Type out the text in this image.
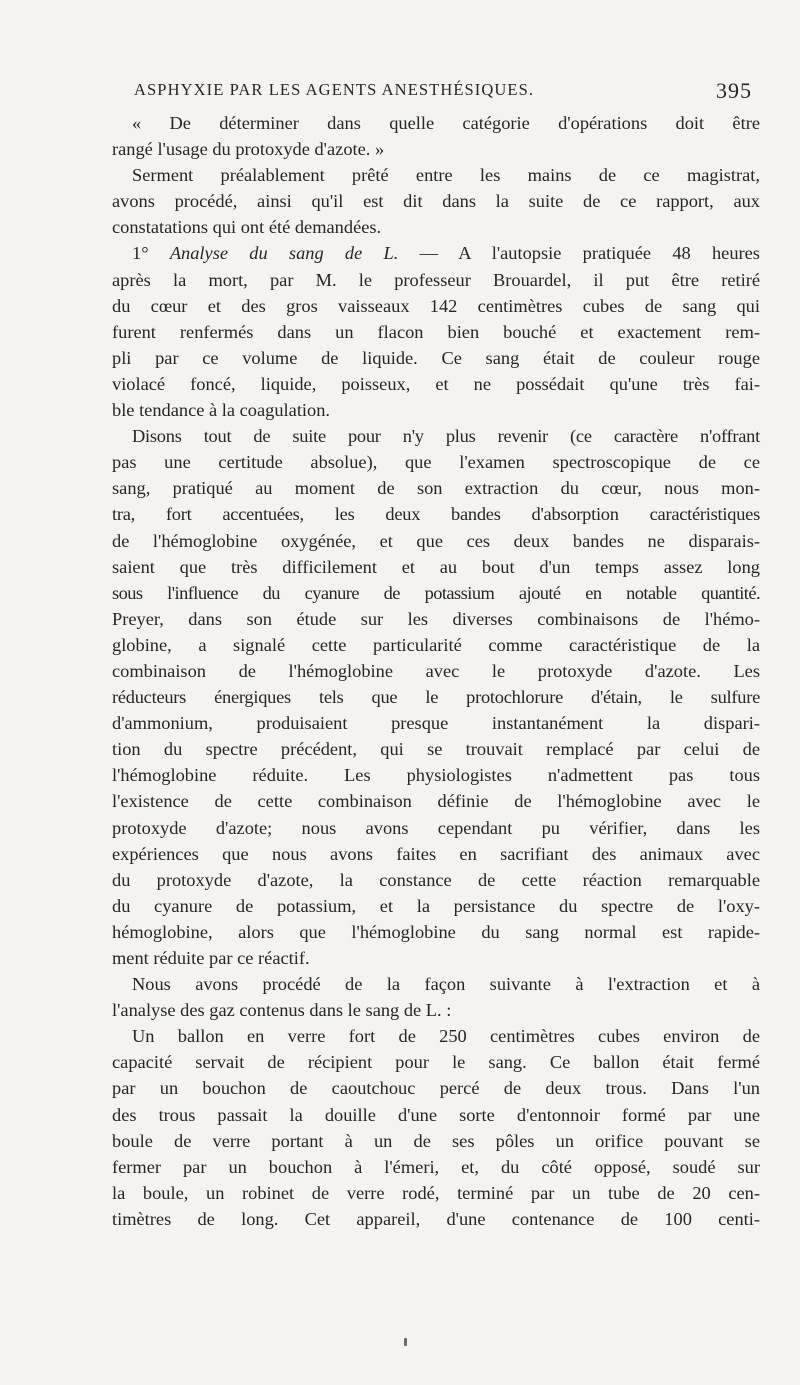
ASPHYXIE PAR LES AGENTS ANESTHÉSIQUES.	395
« De déterminer dans quelle catégorie d'opérations doit être
rangé l'usage du protoxyde d'azote. »
Serment préalablement prêté entre les mains de ce magistrat,
avons procédé, ainsi qu'il est dit dans la suite de ce rapport, aux
constatations qui ont été demandées.
1° Analyse du sang de L. — A l'autopsie pratiquée 48 heures
après la mort, par M. le professeur Brouardel, il put être retiré
du cœur et des gros vaisseaux 142 centimètres cubes de sang qui
furent renfermés dans un flacon bien bouché et exactement rem-
pli par ce volume de liquide. Ce sang était de couleur rouge
violacé foncé, liquide, poisseux, et ne possédait qu'une très fai-
ble tendance à la coagulation.
Disons tout de suite pour n'y plus revenir (ce caractère n'offrant
pas une certitude absolue), que l'examen spectroscopique de ce
sang, pratiqué au moment de son extraction du cœur, nous mon-
tra, fort accentuées, les deux bandes d'absorption caractéristiques
de l'hémoglobine oxygénée, et que ces deux bandes ne disparais-
saient que très difficilement et au bout d'un temps assez long
sous l'influence du cyanure de potassium ajouté en notable quantité.
Preyer, dans son étude sur les diverses combinaisons de l'hémo-
globine, a signalé cette particularité comme caractéristique de la
combinaison de l'hémoglobine avec le protoxyde d'azote. Les
réducteurs énergiques tels que le protochlorure d'étain, le sulfure
d'ammonium, produisaient presque instantanément la dispari-
tion du spectre précédent, qui se trouvait remplacé par celui de
l'hémoglobine réduite. Les physiologistes n'admettent pas tous
l'existence de cette combinaison définie de l'hémoglobine avec le
protoxyde d'azote; nous avons cependant pu vérifier, dans les
expériences que nous avons faites en sacrifiant des animaux avec
du protoxyde d'azote, la constance de cette réaction remarquable
du cyanure de potassium, et la persistance du spectre de l'oxy-
hémoglobine, alors que l'hémoglobine du sang normal est rapide-
ment réduite par ce réactif.
Nous avons procédé de la façon suivante à l'extraction et à
l'analyse des gaz contenus dans le sang de L. :
Un ballon en verre fort de 250 centimètres cubes environ de
capacité servait de récipient pour le sang. Ce ballon était fermé
par un bouchon de caoutchouc percé de deux trous. Dans l'un
des trous passait la douille d'une sorte d'entonnoir formé par une
boule de verre portant à un de ses pôles un orifice pouvant se
fermer par un bouchon à l'émeri, et, du côté opposé, soudé sur
la boule, un robinet de verre rodé, terminé par un tube de 20 cen-
timètres de long. Cet appareil, d'une contenance de 100 centi-
